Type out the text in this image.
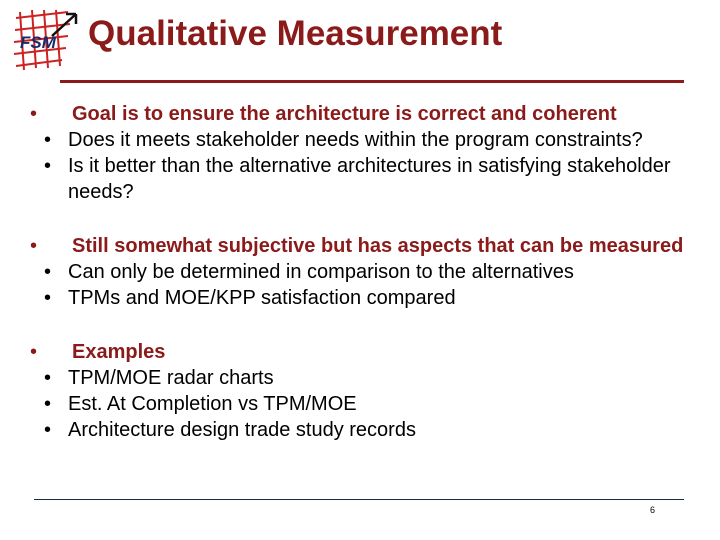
FSM Qualitative Measurement
• Goal is to ensure the architecture is correct and coherent
• Does it meets stakeholder needs within the program constraints?
• Is it better than the alternative architectures in satisfying stakeholder needs?
• Still somewhat subjective but has aspects that can be measured
• Can only be determined in comparison to the alternatives
• TPMs and MOE/KPP satisfaction compared
• Examples
• TPM/MOE radar charts
• Est. At Completion vs TPM/MOE
• Architecture design trade study records
6
